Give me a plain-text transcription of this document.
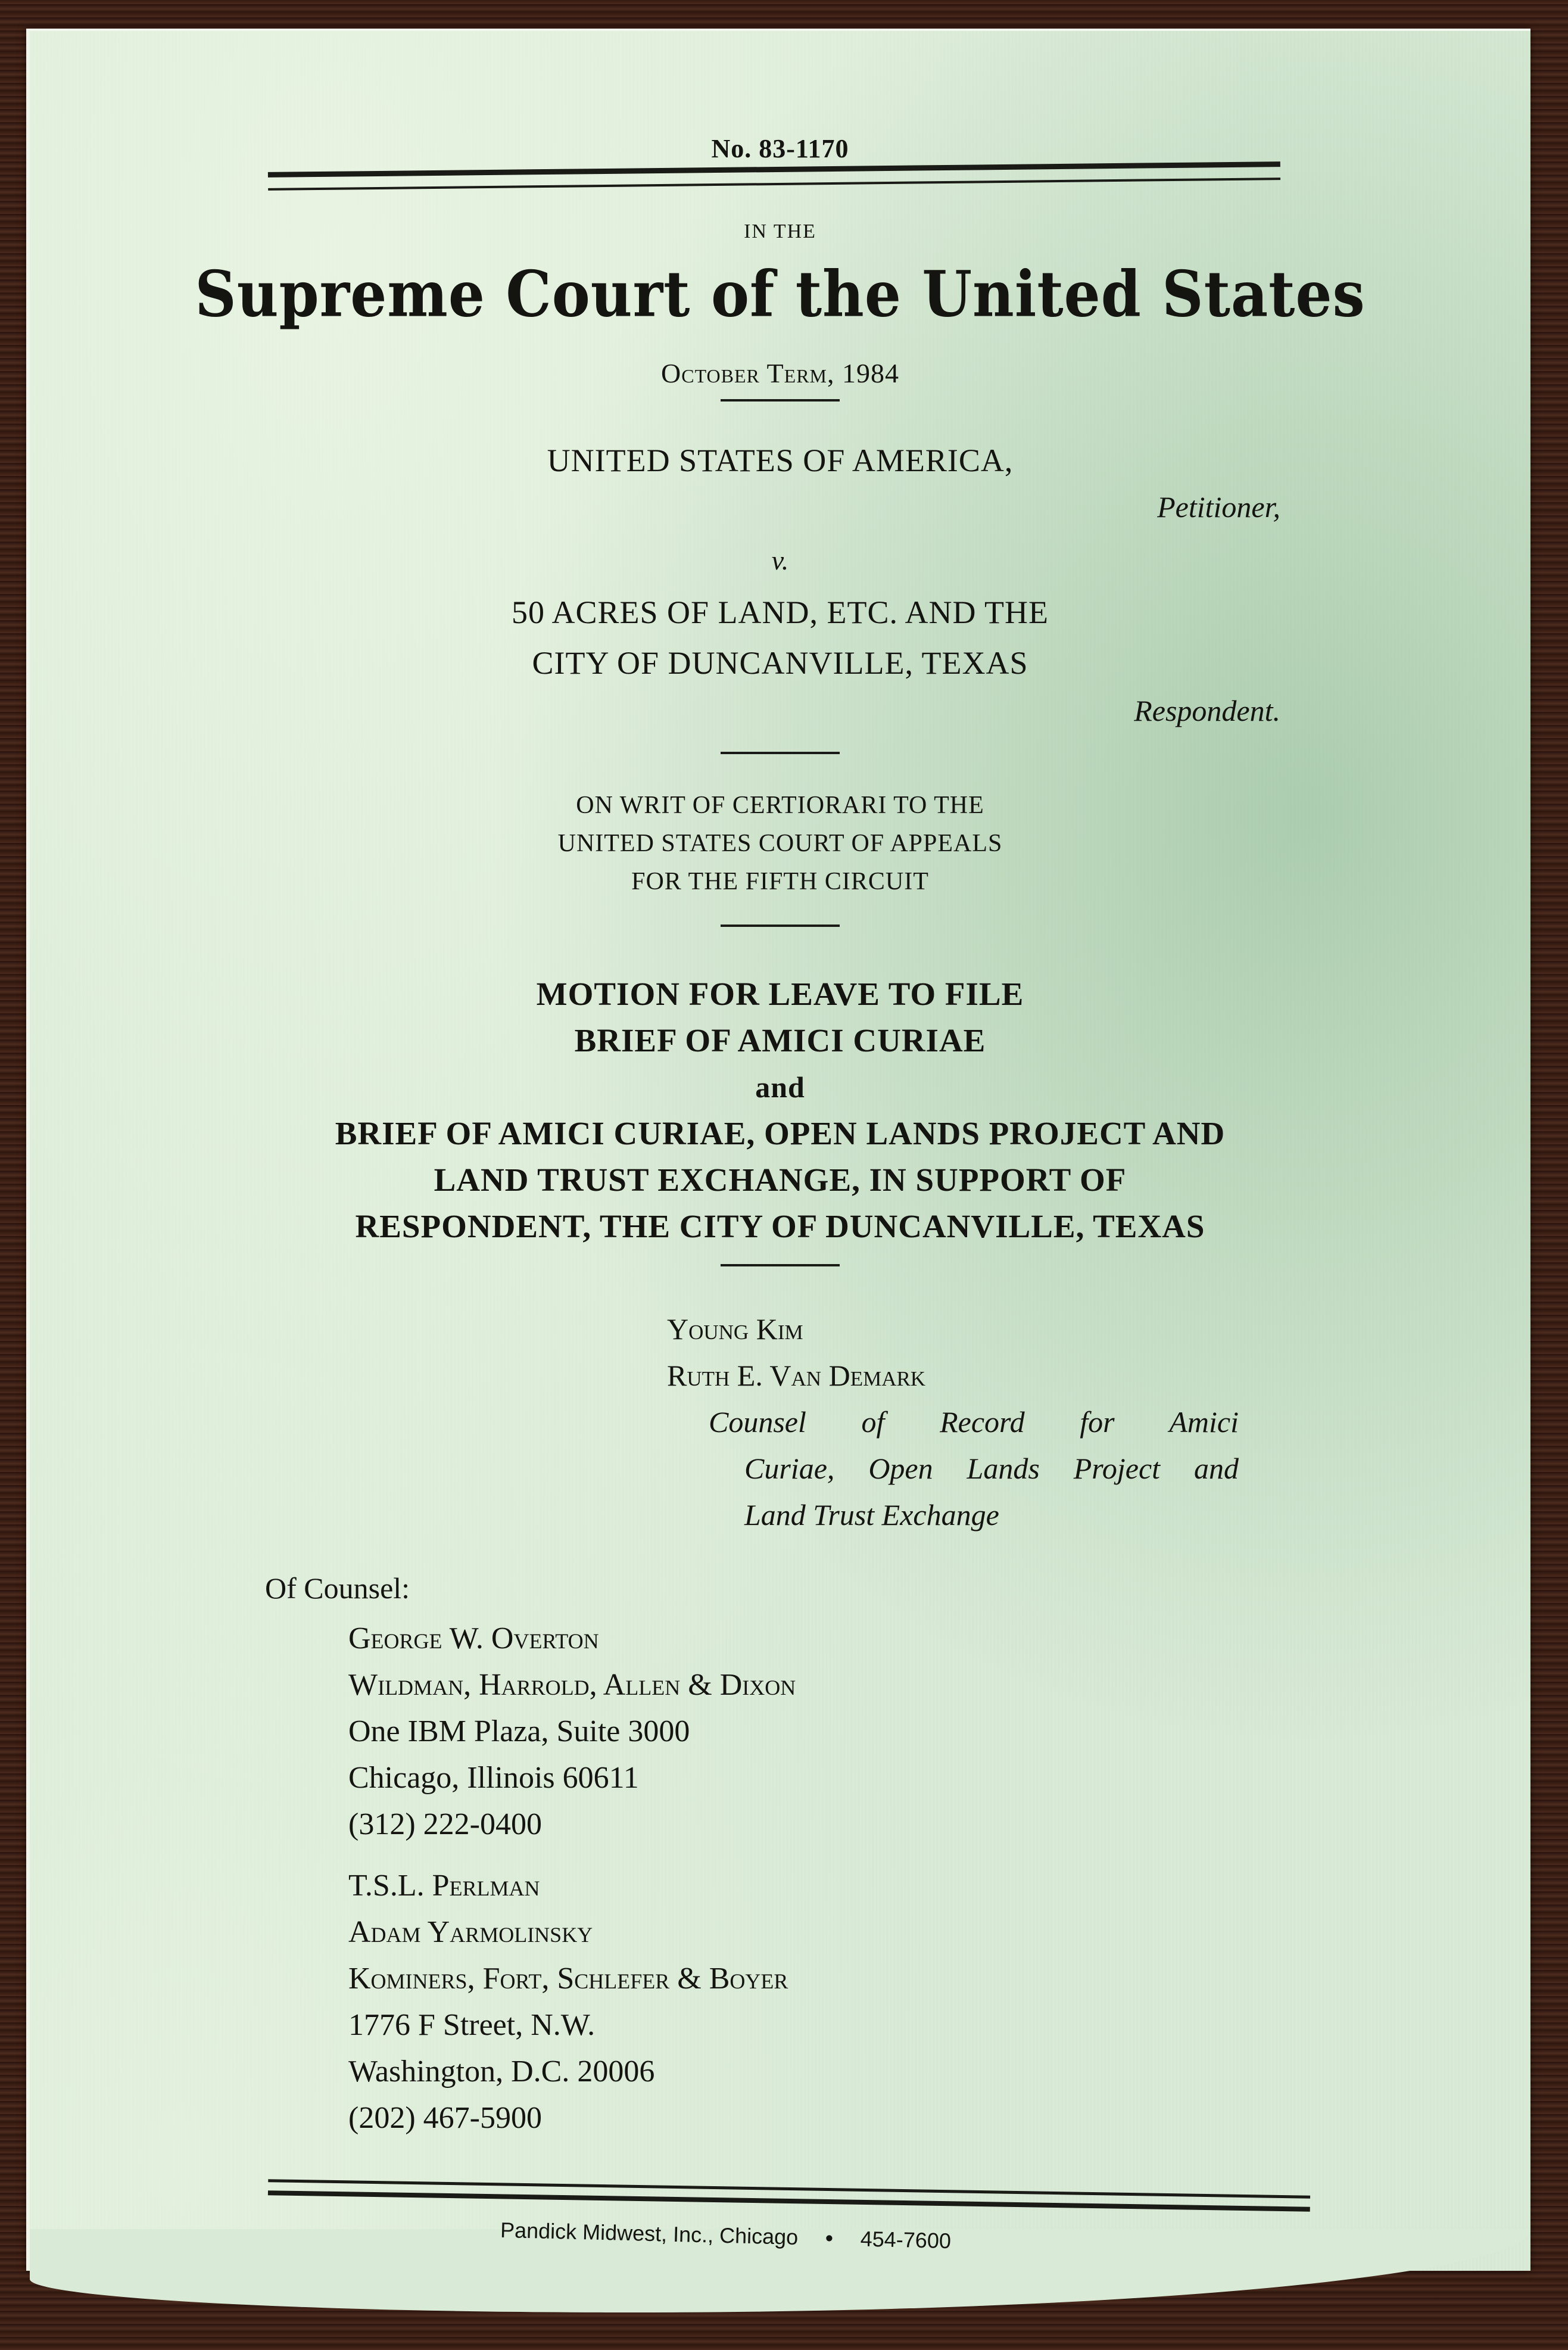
No. 83-1170
IN THE
Supreme Court of the United States
October Term, 1984
UNITED STATES OF AMERICA,
Petitioner,
v.
50 ACRES OF LAND, ETC. AND THE
CITY OF DUNCANVILLE, TEXAS
Respondent.
ON WRIT OF CERTIORARI TO THE
UNITED STATES COURT OF APPEALS
FOR THE FIFTH CIRCUIT
MOTION FOR LEAVE TO FILE
BRIEF OF AMICI CURIAE
and
BRIEF OF AMICI CURIAE, OPEN LANDS PROJECT AND
LAND TRUST EXCHANGE, IN SUPPORT OF
RESPONDENT, THE CITY OF DUNCANVILLE, TEXAS
Young Kim
Ruth E. Van Demark
Counsel of Record for Amici
Curiae, Open Lands Project and
Land Trust Exchange
Of Counsel:
George W. Overton
Wildman, Harrold, Allen & Dixon
One IBM Plaza, Suite 3000
Chicago, Illinois 60611
(312) 222-0400
T.S.L. Perlman
Adam Yarmolinsky
Kominers, Fort, Schlefer & Boyer
1776 F Street, N.W.
Washington, D.C. 20006
(202) 467-5900
Pandick Midwest, Inc., Chicago • 454-7600
